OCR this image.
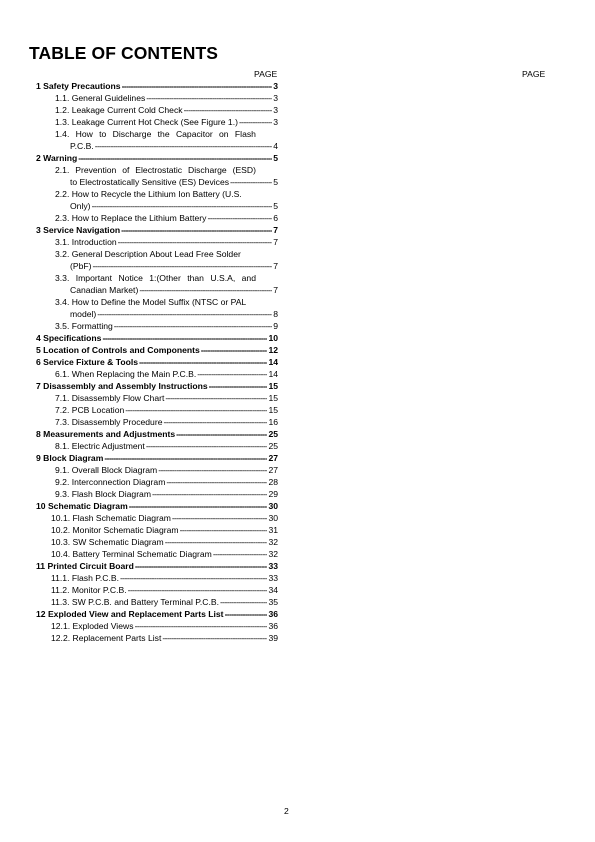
TABLE OF CONTENTS
PAGE	PAGE
1 Safety Precautions -----	3
1.1. General Guidelines -----	3
1.2. Leakage Current Cold Check -----	3
1.3. Leakage Current Hot Check (See Figure 1.) -----	3
1.4. How to Discharge the Capacitor on Flash
P.C.B. -----	4
2 Warning -----	5
2.1. Prevention of Electrostatic Discharge (ESD)
to Electrostatically Sensitive (ES) Devices -----	5
2.2. How to Recycle the Lithium Ion Battery (U.S.
Only) -----	5
2.3. How to Replace the Lithium Battery -----	6
3 Service Navigation -----	7
3.1. Introduction -----	7
3.2. General Description About Lead Free Solder
(PbF) -----	7
3.3. Important Notice 1:(Other than U.S.A, and
Canadian Market) -----	7
3.4. How to Define the Model Suffix (NTSC or PAL
model) -----	8
3.5. Formatting -----	9
4 Specifications -----	10
5 Location of Controls and Components -----	12
6 Service Fixture & Tools -----	14
6.1. When Replacing the Main P.C.B. -----	14
7 Disassembly and Assembly Instructions -----	15
7.1. Disassembly Flow Chart -----	15
7.2. PCB Location -----	15
7.3. Disassembly Procedure -----	16
8 Measurements and Adjustments -----	25
8.1. Electric Adjustment -----	25
9 Block Diagram -----	27
9.1. Overall Block Diagram -----	27
9.2. Interconnection Diagram -----	28
9.3. Flash Block Diagram -----	29
10 Schematic Diagram -----	30
10.1. Flash Schematic Diagram -----	30
10.2. Monitor Schematic Diagram -----	31
10.3. SW Schematic Diagram -----	32
10.4. Battery Terminal Schematic Diagram -----	32
11 Printed Circuit Board -----	33
11.1. Flash P.C.B. -----	33
11.2. Monitor P.C.B. -----	34
11.3. SW P.C.B. and Battery Terminal P.C.B. -----	35
12 Exploded View and Replacement Parts List -----	36
12.1. Exploded Views -----	36
12.2. Replacement Parts List -----	39
2
